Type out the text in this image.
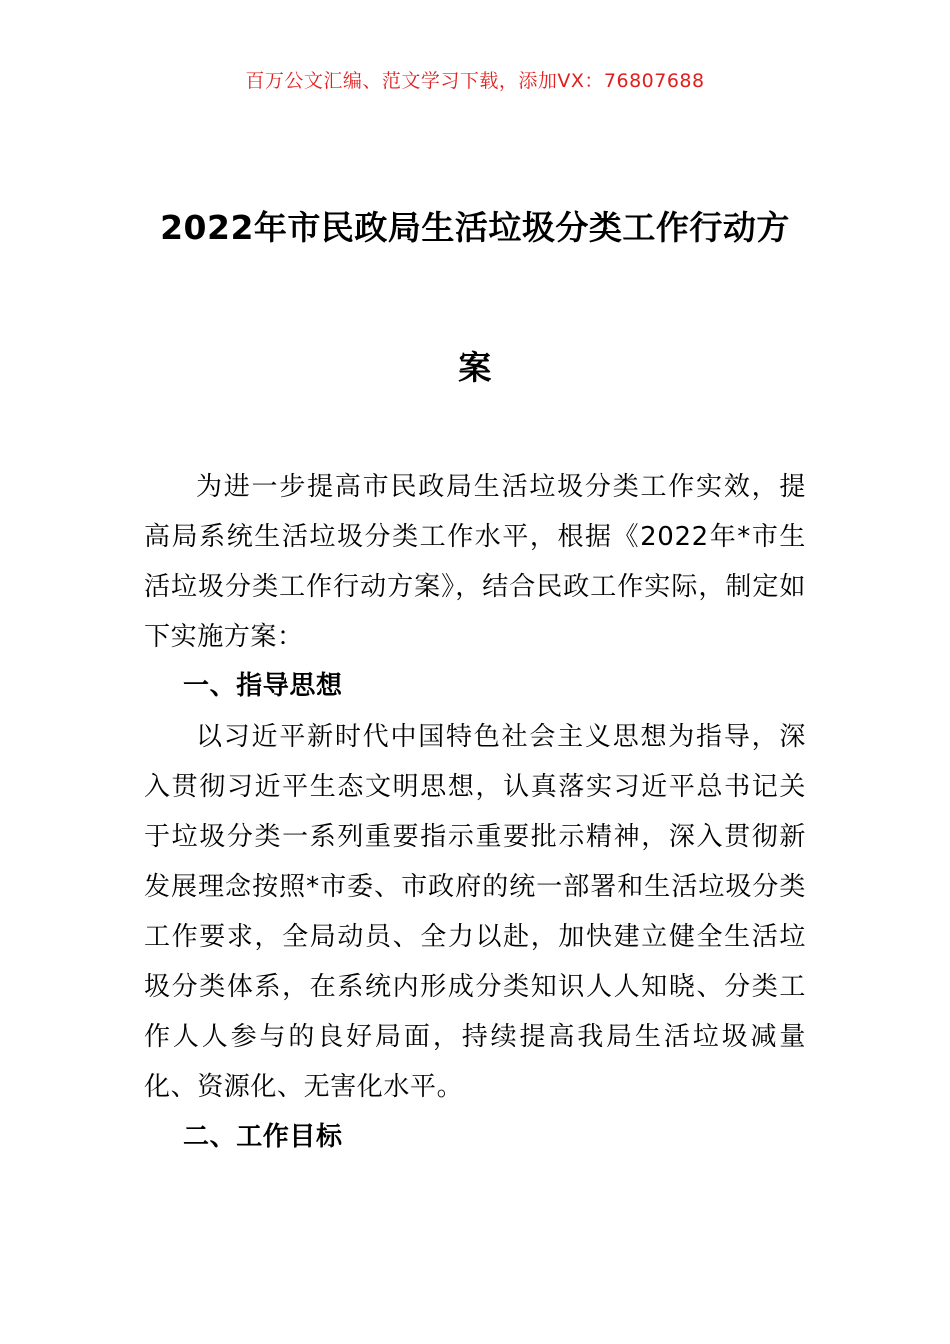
百万公文汇编、范文学习下载，添加VX：76807688
2022年市民政局生活垃圾分类工作行动方
案

为进一步提高市民政局生活垃圾分类工作实效，提高局系统生活垃圾分类工作水平，根据《2022年*市生活垃圾分类工作行动方案》，结合民政工作实际，制定如下实施方案：

一、指导思想

以习近平新时代中国特色社会主义思想为指导，深入贯彻习近平生态文明思想，认真落实习近平总书记关于垃圾分类一系列重要指示重要批示精神，深入贯彻新发展理念按照*市委、市政府的统一部署和生活垃圾分类工作要求，全局动员、全力以赴，加快建立健全生活垃圾分类体系，在系统内形成分类知识人人知晓、分类工作人人参与的良好局面，持续提高我局生活垃圾减量化、资源化、无害化水平。

二、工作目标
